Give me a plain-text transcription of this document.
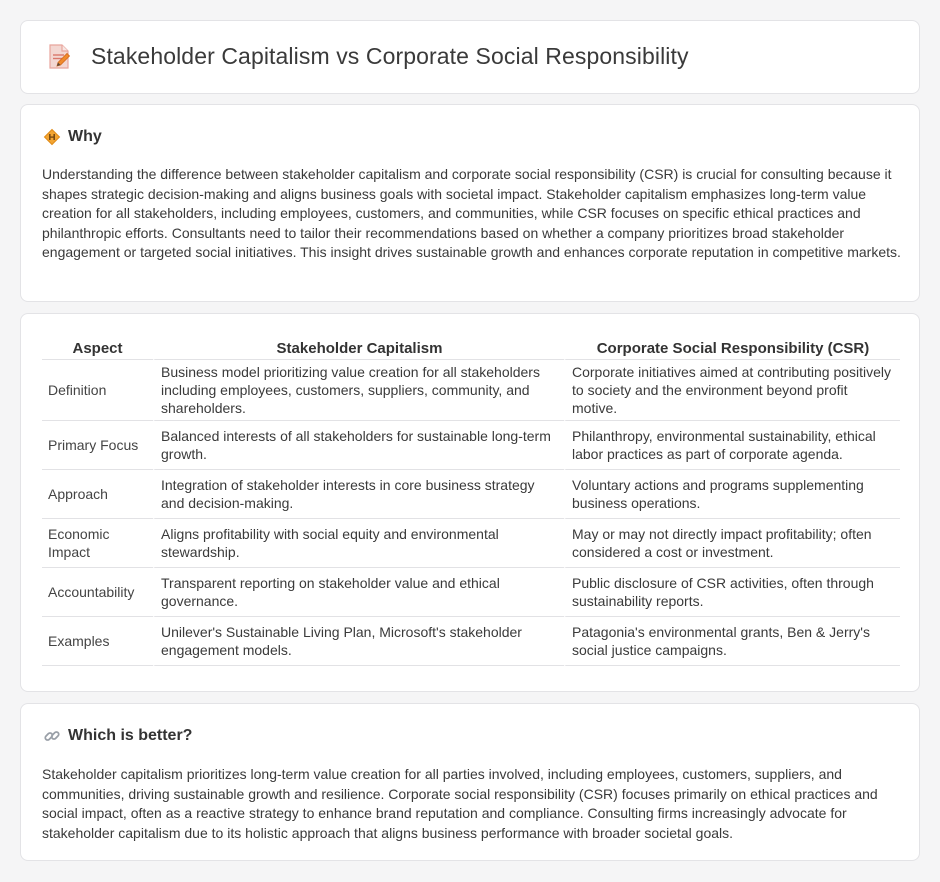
Stakeholder Capitalism vs Corporate Social Responsibility
Why

Understanding the difference between stakeholder capitalism and corporate social responsibility (CSR) is crucial for consulting because it shapes strategic decision-making and aligns business goals with societal impact. Stakeholder capitalism emphasizes long-term value creation for all stakeholders, including employees, customers, and communities, while CSR focuses on specific ethical practices and philanthropic efforts. Consultants need to tailor their recommendations based on whether a company prioritizes broad stakeholder engagement or targeted social initiatives. This insight drives sustainable growth and enhances corporate reputation in competitive markets.

Aspect	Stakeholder Capitalism	Corporate Social Responsibility (CSR)
Definition	Business model prioritizing value creation for all stakeholders including employees, customers, suppliers, community, and shareholders.	Corporate initiatives aimed at contributing positively to society and the environment beyond profit motive.
Primary Focus	Balanced interests of all stakeholders for sustainable long-term growth.	Philanthropy, environmental sustainability, ethical labor practices as part of corporate agenda.
Approach	Integration of stakeholder interests in core business strategy and decision-making.	Voluntary actions and programs supplementing business operations.
Economic Impact	Aligns profitability with social equity and environmental stewardship.	May or may not directly impact profitability; often considered a cost or investment.
Accountability	Transparent reporting on stakeholder value and ethical governance.	Public disclosure of CSR activities, often through sustainability reports.
Examples	Unilever's Sustainable Living Plan, Microsoft's stakeholder engagement models.	Patagonia's environmental grants, Ben & Jerry's social justice campaigns.
Which is better?

Stakeholder capitalism prioritizes long-term value creation for all parties involved, including employees, customers, suppliers, and communities, driving sustainable growth and resilience. Corporate social responsibility (CSR) focuses primarily on ethical practices and social impact, often as a reactive strategy to enhance brand reputation and compliance. Consulting firms increasingly advocate for stakeholder capitalism due to its holistic approach that aligns business performance with broader societal goals.
